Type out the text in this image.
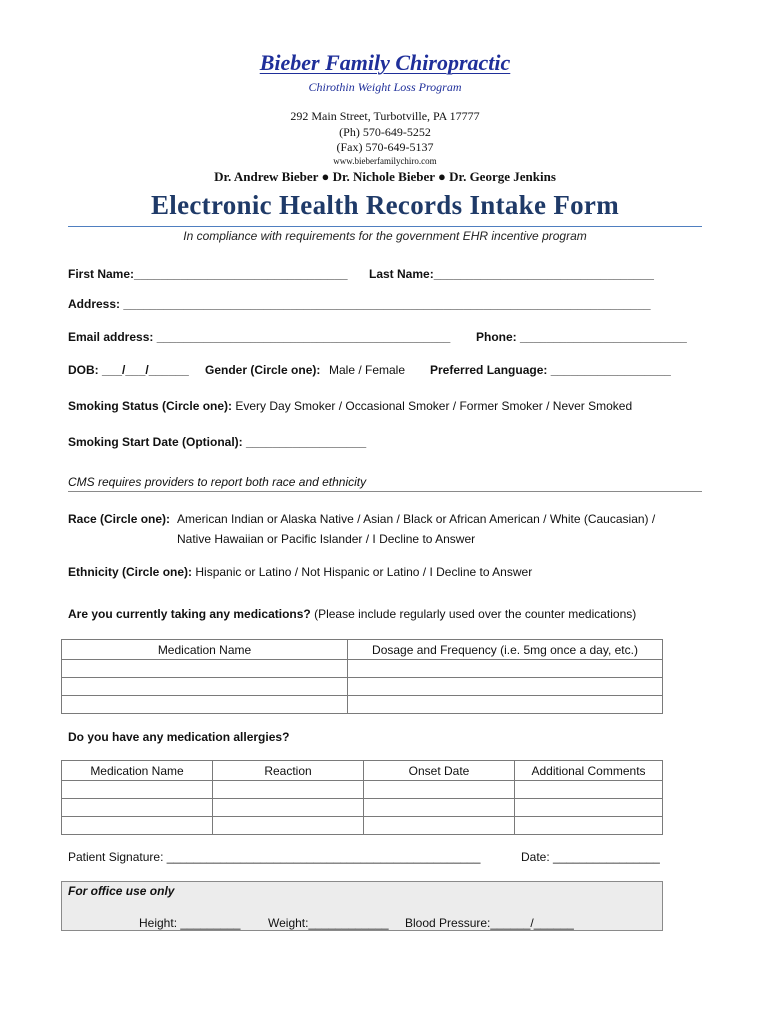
Bieber Family Chiropractic
Chirothin Weight Loss Program
292 Main Street, Turbotville, PA 17777
(Ph) 570-649-5252
(Fax) 570-649-5137
www.bieberfamilychiro.com
Dr. Andrew Bieber ● Dr. Nichole Bieber ● Dr. George Jenkins
Electronic Health Records Intake Form
In compliance with requirements for the government EHR incentive program
First Name:________________________________ Last Name:_________________________________
Address: _______________________________________________________________________________
Email address: ____________________________________________ Phone: _________________________
DOB: ___/___/______ Gender (Circle one): Male / Female Preferred Language: __________________
Smoking Status (Circle one): Every Day Smoker / Occasional Smoker / Former Smoker / Never Smoked
Smoking Start Date (Optional): __________________
CMS requires providers to report both race and ethnicity
Race (Circle one): American Indian or Alaska Native / Asian / Black or African American / White (Caucasian) /
Native Hawaiian or Pacific Islander / I Decline to Answer
Ethnicity (Circle one): Hispanic or Latino / Not Hispanic or Latino / I Decline to Answer
Are you currently taking any medications? (Please include regularly used over the counter medications)
Medication Name	Dosage and Frequency (i.e. 5mg once a day, etc.)

Do you have any medication allergies?
Medication Name	Reaction	Onset Date	Additional Comments

Patient Signature: _______________________________________________	Date: ________________
For office use only
Height: _________ Weight:____________ Blood Pressure:______/______
